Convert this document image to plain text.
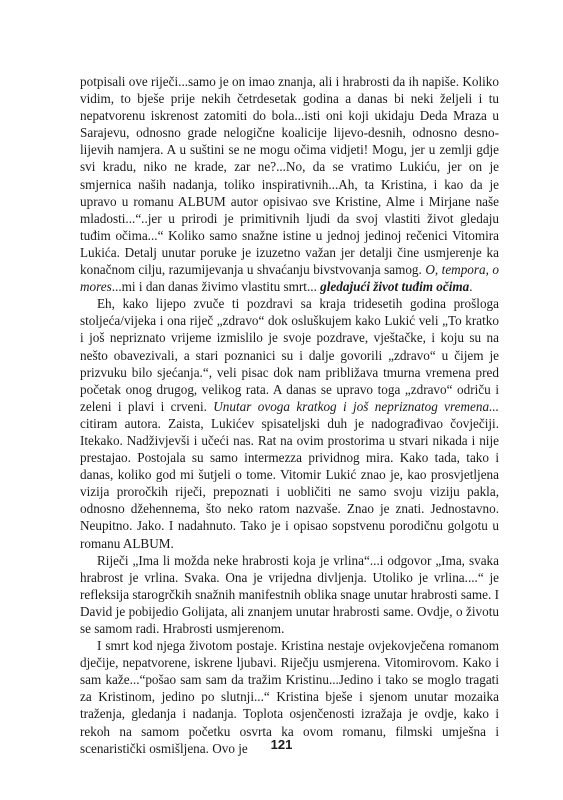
potpisali ove riječi...samo je on imao znanja, ali i hrabrosti da ih napiše. Koliko vidim, to bješe prije nekih četrdesetak godina a danas bi neki željeli i tu nepatvorenu iskrenost zatomiti do bola...isti oni koji ukidaju Deda Mraza u Sarajevu, odnosno grade nelogične koalicije lijevo-desnih, odnosno desno-lijevih namjera. A u suštini se ne mogu očima vidjeti! Mogu, jer u zemlji gdje svi kradu, niko ne krade, zar ne?...No, da se vratimo Lukiću, jer on je smjernica naših nadanja, toliko inspirativnih...Ah, ta Kristina, i kao da je upravo u romanu ALBUM autor opisivao sve Kristine, Alme i Mirjane naše mladosti...“..jer u prirodi je primitivnih ljudi da svoj vlastiti život gledaju tuđim očima...“ Koliko samo snažne istine u jednoj jedinoj rečenici Vitomira Lukića. Detalj unutar poruke je izuzetno važan jer detalji čine usmjerenje ka konačnom cilju, razumijevanja u shvaćanju bivstvovanja samog. O, tempora, o mores...mi i dan danas živimo vlastitu smrt... gledajući život tuđim očima.

Eh, kako lijepo zvuče ti pozdravi sa kraja tridesetih godina prošloga stoljeća/vijeka i ona riječ „zdravo“ dok osluškujem kako Lukić veli „To kratko i još nepriznato vrijeme izmislilo je svoje pozdrave, vještačke, i koju su na nešto obavezivali, a stari poznanici su i dalje govorili „zdravo“ u čijem je prizvuku bilo sjećanja.“, veli pisac dok nam približava tmurna vremena pred početak onog drugog, velikog rata. A danas se upravo toga „zdravo“ odriču i zeleni i plavi i crveni. Unutar ovoga kratkog i još nepriznatog vremena... citiram autora. Zaista, Lukićev spisateljski duh je nadograđivao čovječiji. Itekako. Nadživjevši i učeći nas. Rat na ovim prostorima u stvari nikada i nije prestajao. Postojala su samo intermezza prividnog mira. Kako tada, tako i danas, koliko god mi šutjeli o tome. Vitomir Lukić znao je, kao prosvjetljena vizija proročkih riječi, prepoznati i uobličiti ne samo svoju viziju pakla, odnosno džehennema, što neko ratom nazvaše. Znao je znati. Jednostavno. Neupitno. Jako. I nadahnuto. Tako je i opisao sopstvenu porodičnu golgotu u romanu ALBUM.

Riječi „Ima li možda neke hrabrosti koja je vrlina“...i odgovor „Ima, svaka hrabrost je vrlina. Svaka. Ona je vrijedna divljenja. Utoliko je vrlina....“ je refleksija starogrčkih snažnih manifestnih oblika snage unutar hrabrosti same. I David je pobijedio Golijata, ali znanjem unutar hrabrosti same. Ovdje, o životu se samom radi. Hrabrosti usmjerenom.

I smrt kod njega životom postaje. Kristina nestaje ovjekovječena romanom dječije, nepatvorene, iskrene ljubavi. Riječju usmjerena. Vitomirovom. Kako i sam kaže...“pošao sam sam da tražim Kristinu...Jedino i tako se moglo tragati za Kristinom, jedino po slutnji...“ Kristina bješe i sjenom unutar mozaika traženja, gledanja i nadanja. Toplota osjenčenosti izražaja je ovdje, kako i rekoh na samom početku osvrta ka ovom romanu, filmski umješna i scenaristički osmišljena. Ovo je	121
